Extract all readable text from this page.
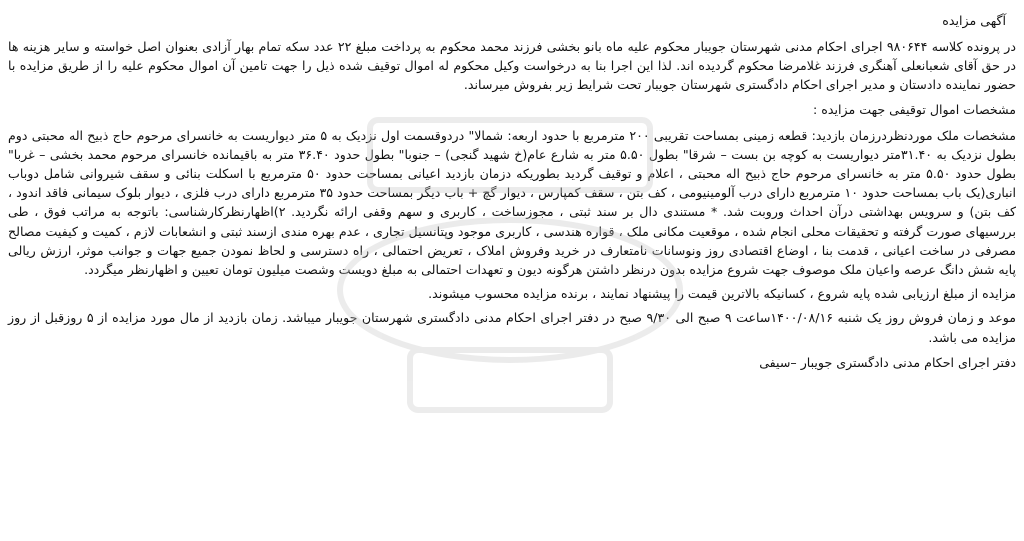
آگهی مزایده

در پرونده کلاسه ۹۸۰۶۴۴ اجرای احکام مدنی شهرستان جویبار محکوم علیه ماه بانو بخشی فرزند محمد محکوم به پرداخت مبلغ ۲۲ عدد سکه تمام بهار آزادی بعنوان اصل خواسته و سایر هزینه ها در حق آقای شعبانعلی آهنگری فرزند غلامرضا محکوم گردیده اند. لذا این اجرا بنا به درخواست وکیل محکوم له اموال توقیف شده ذیل را جهت تامین آن اموال محکوم علیه را از طریق مزایده با حضور نماینده دادستان و مدیر اجرای احکام دادگستری شهرستان جویبار تحت شرایط زیر بفروش میرساند.

مشخصات اموال توقیفی جهت مزایده :

مشخصات ملک موردنظردرزمان بازدید: قطعه زمینی بمساحت تقریبی ۲۰۰ مترمربع با حدود اربعه: شمالا" دردوقسمت اول نزدیک به ۵ متر دیواریست به خانسرای مرحوم حاج ذبیح اله محبتی دوم بطول نزدیک به ۳۱.۴۰متر دیواریست به کوچه بن بست – شرقا" بطول ۵.۵۰ متر به شارع عام(خ شهید گنجی) – جنوبا" بطول حدود ۳۶.۴۰ متر به باقیمانده خانسرای مرحوم محمد بخشی – غربا" بطول حدود ۵.۵۰ متر به خانسرای مرحوم حاج ذبیح اله محبتی ، اعلام و توقیف گردید بطوریکه دزمان بازدید اعیانی بمساحت حدود ۵۰ مترمربع با اسکلت بنائی و سقف شیروانی شامل دوباب انباری(یک باب بمساحت حدود ۱۰ مترمربع دارای درب آلومینیومی ، کف بتن ، سقف کمپارس ، دیوار گچ + باب دیگر بمساحت حدود ۳۵ مترمربع دارای درب فلزی ، دیوار بلوک سیمانی فاقد اندود ، کف بتن) و سرویس بهداشتی درآن احداث وروبت شد. * مستندی دال بر سند ثبتی ، مجوزساخت ، کاربری و سهم وقفی ارائه نگردید. ۲)اظهارنظرکارشناسی: باتوجه به مراتب فوق ، طی بررسیهای صورت گرفته و تحقیقات محلی انجام شده ، موقعیت مکانی ملک ، قواره هندسی ، کاربری موجود وپتانسیل تجاری ، عدم بهره مندی ازسند ثبتی و انشعابات لازم ، کمیت و کیفیت مصالح مصرفی در ساخت اعیانی ، قدمت بنا ، اوضاع اقتصادی روز ونوسانات نامتعارف در خرید وفروش املاک ، تعریض احتمالی ، راه دسترسی و لحاظ نمودن جمیع جهات و جوانب موثر، ارزش ریالی پایه شش دانگ عرصه واعیان ملک موصوف جهت شروع مزایده بدون درنظر داشتن هرگونه دیون و تعهدات احتمالی به مبلغ دویست وشصت میلیون تومان تعیین و اظهارنظر میگردد.

مزایده از مبلغ ارزیابی شده پایه شروع ، کسانیکه بالاترین قیمت را پیشنهاد نمایند ، برنده مزایده محسوب میشوند.

موعد و زمان فروش روز یک شنبه ۱۴۰۰/۰۸/۱۶ساعت ۹ صبح الی ۹/۳۰ صبح در دفتر اجرای احکام مدنی دادگستری شهرستان جویبار میباشد. زمان بازدید از مال مورد مزایده از ۵ روزقبل از روز مزایده می باشد.

دفتر اجرای احکام مدنی دادگستری جویبار –سیفی
